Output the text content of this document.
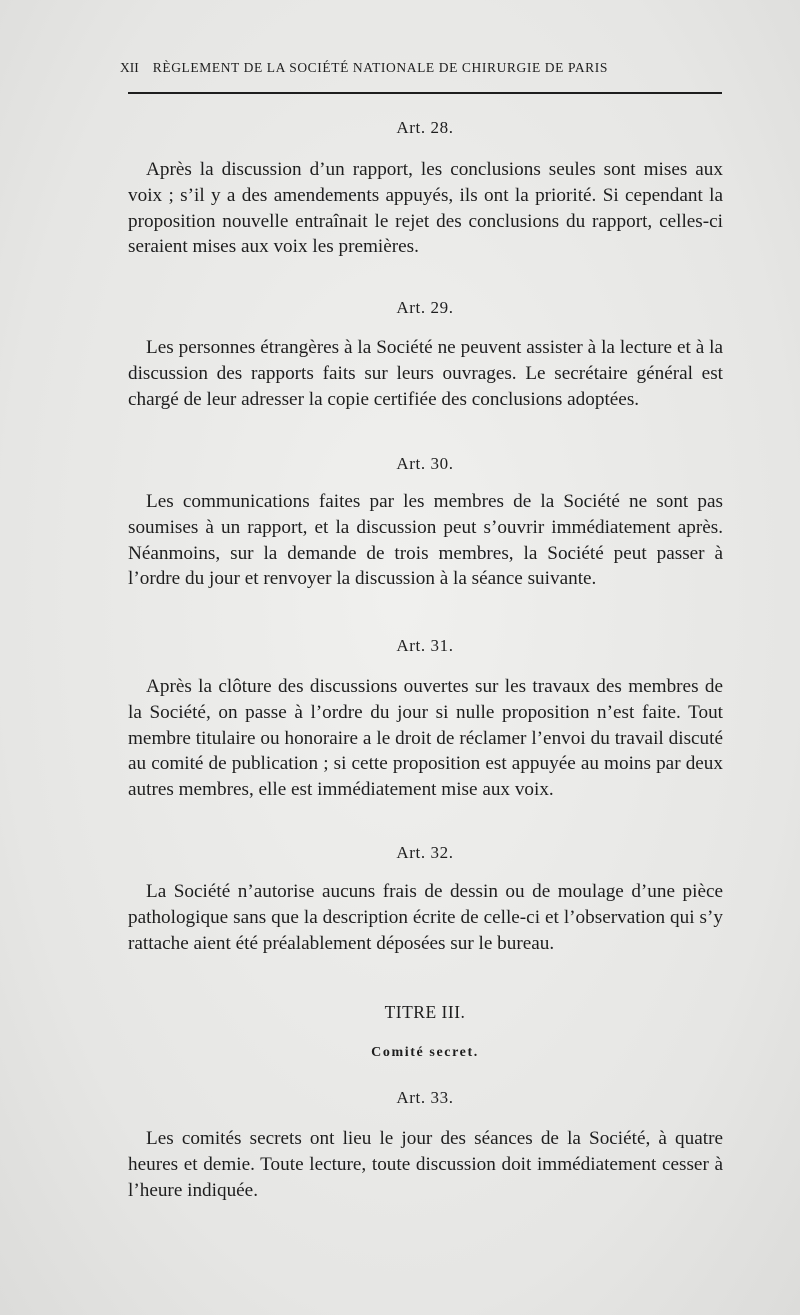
XII RÈGLEMENT DE LA SOCIÉTÉ NATIONALE DE CHIRURGIE DE PARIS
Art. 28.
Après la discussion d’un rapport, les conclusions seules sont mises aux voix ; s’il y a des amendements appuyés, ils ont la priorité. Si cependant la proposition nouvelle entraînait le rejet des conclusions du rapport, celles-ci seraient mises aux voix les premières.
Art. 29.
Les personnes étrangères à la Société ne peuvent assister à la lecture et à la discussion des rapports faits sur leurs ouvrages. Le secrétaire général est chargé de leur adresser la copie certifiée des conclusions adoptées.
Art. 30.
Les communications faites par les membres de la Société ne sont pas soumises à un rapport, et la discussion peut s’ouvrir immédiatement après. Néanmoins, sur la demande de trois membres, la Société peut passer à l’ordre du jour et renvoyer la discussion à la séance suivante.
Art. 31.
Après la clôture des discussions ouvertes sur les travaux des membres de la Société, on passe à l’ordre du jour si nulle proposition n’est faite. Tout membre titulaire ou honoraire a le droit de réclamer l’envoi du travail discuté au comité de publication ; si cette proposition est appuyée au moins par deux autres membres, elle est immédiatement mise aux voix.
Art. 32.
La Société n’autorise aucuns frais de dessin ou de moulage d’une pièce pathologique sans que la description écrite de celle-ci et l’observation qui s’y rattache aient été préalablement déposées sur le bureau.
TITRE III.
Comité secret.
Art. 33.
Les comités secrets ont lieu le jour des séances de la Société, à quatre heures et demie. Toute lecture, toute discussion doit immédiatement cesser à l’heure indiquée.
